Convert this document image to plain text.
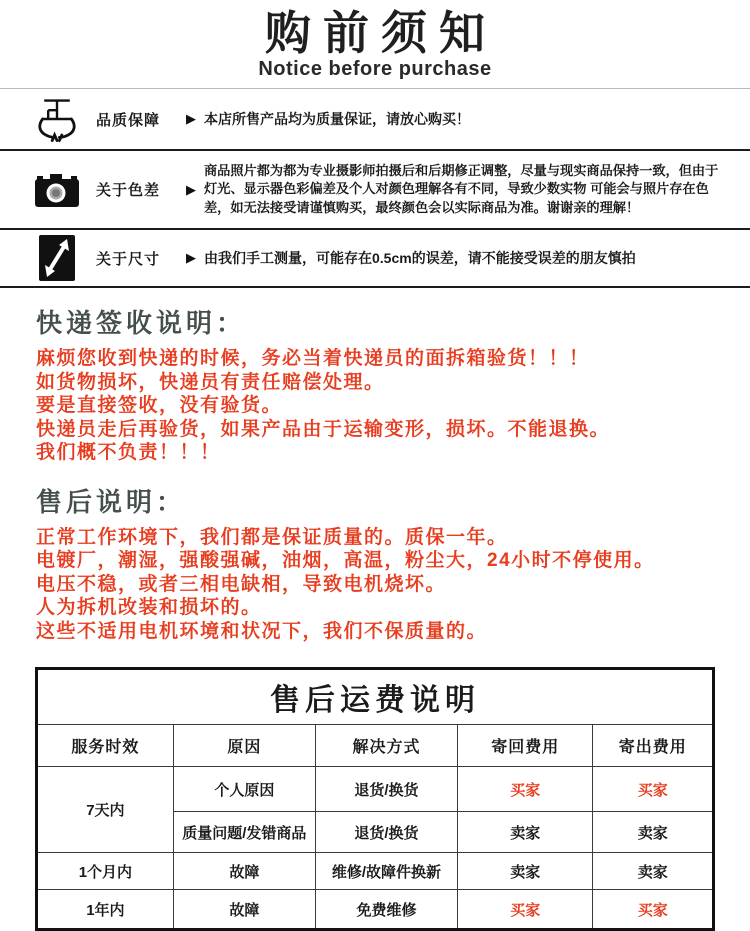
购前须知
Notice before purchase
品质保障	▶ 本店所售产品均为质量保证，请放心购买！
关于色差	▶
商品照片都为都为专业摄影师拍摄后和后期修正调整，尽量与现实商品保持一致，但由于灯光、显示器色彩偏差及个人对颜色理解各有不同，导致少数实物 可能会与照片存在色差，如无法接受请谨慎购买，最终颜色会以实际商品为准。谢谢亲的理解！
关于尺寸	▶ 由我们手工测量，可能存在0.5cm的误差，请不能接受误差的朋友慎拍
快递签收说明：

麻烦您收到快递的时候，务必当着快递员的面拆箱验货！！！

如货物损坏，快递员有责任赔偿处理。

要是直接签收，没有验货。

快递员走后再验货，如果产品由于运输变形，损坏。不能退换。

我们概不负责！！！

售后说明：

正常工作环境下，我们都是保证质量的。质保一年。

电镀厂，潮湿，强酸强碱，油烟，高温，粉尘大，24小时不停使用。

电压不稳，或者三相电缺相，导致电机烧坏。

人为拆机改装和损坏的。

这些不适用电机环境和状况下，我们不保质量的。

售后运费说明				
服务时效	原因	解决方式	寄回费用	寄出费用
7天内	个人原因	退货/换货	买家	买家
	质量问题/发错商品	退货/换货	卖家	卖家
1个月内	故障	维修/故障件换新	卖家	卖家
1年内	故障	免费维修	买家	买家
